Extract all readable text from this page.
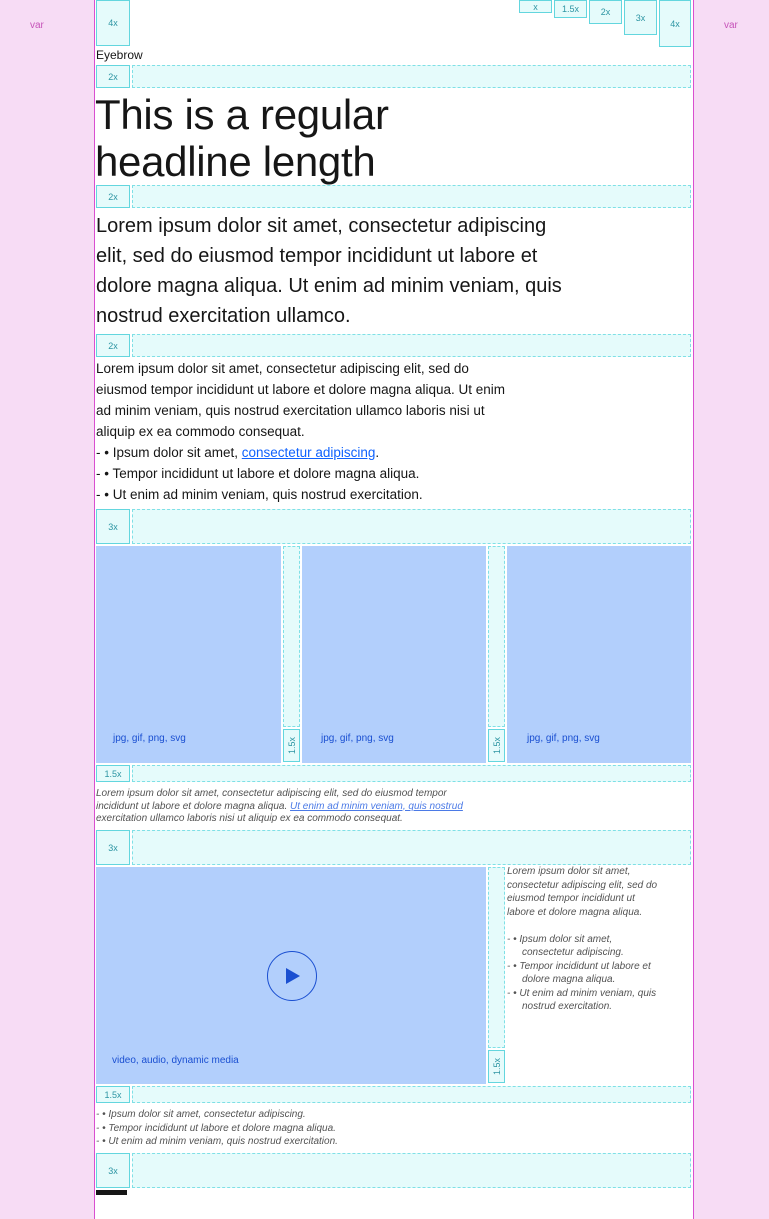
var	var
4x
x	1.5x	2x
3x
4x
Eyebrow
2x
This is a regular
headline length
2x
Lorem ipsum dolor sit amet, consectetur adipiscing
elit, sed do eiusmod tempor incididunt ut labore et
dolore magna aliqua. Ut enim ad minim veniam, quis
nostrud exercitation ullamco.
2x
Lorem ipsum dolor sit amet, consectetur adipiscing elit, sed do
eiusmod tempor incididunt ut labore et dolore magna aliqua. Ut enim
ad minim veniam, quis nostrud exercitation ullamco laboris nisi ut
aliquip ex ea commodo consequat.
- • Ipsum dolor sit amet, consectetur adipiscing.
- • Tempor incididunt ut labore et dolore magna aliqua.
- • Ut enim ad minim veniam, quis nostrud exercitation.
3x
jpg, gif, png, svg	1.5x jpg, gif, png, svg	1.5x	jpg, gif, png, svg
1.5x
Lorem ipsum dolor sit amet, consectetur adipiscing elit, sed do eiusmod tempor
incididunt ut labore et dolore magna aliqua. Ut enim ad minim veniam, quis nostrud
exercitation ullamco laboris nisi ut aliquip ex ea commodo consequat.
3x
video, audio, dynamic media	1.5x
Lorem ipsum dolor sit amet,
consectetur adipiscing elit, sed do
eiusmod tempor incididunt ut
labore et dolore magna aliqua.
- • Ipsum dolor sit amet,
consectetur adipiscing.
- • Tempor incididunt ut labore et
dolore magna aliqua.
- • Ut enim ad minim veniam, quis
nostrud exercitation.
1.5x
- • Ipsum dolor sit amet, consectetur adipiscing.
- • Tempor incididunt ut labore et dolore magna aliqua.
- • Ut enim ad minim veniam, quis nostrud exercitation.
3x
